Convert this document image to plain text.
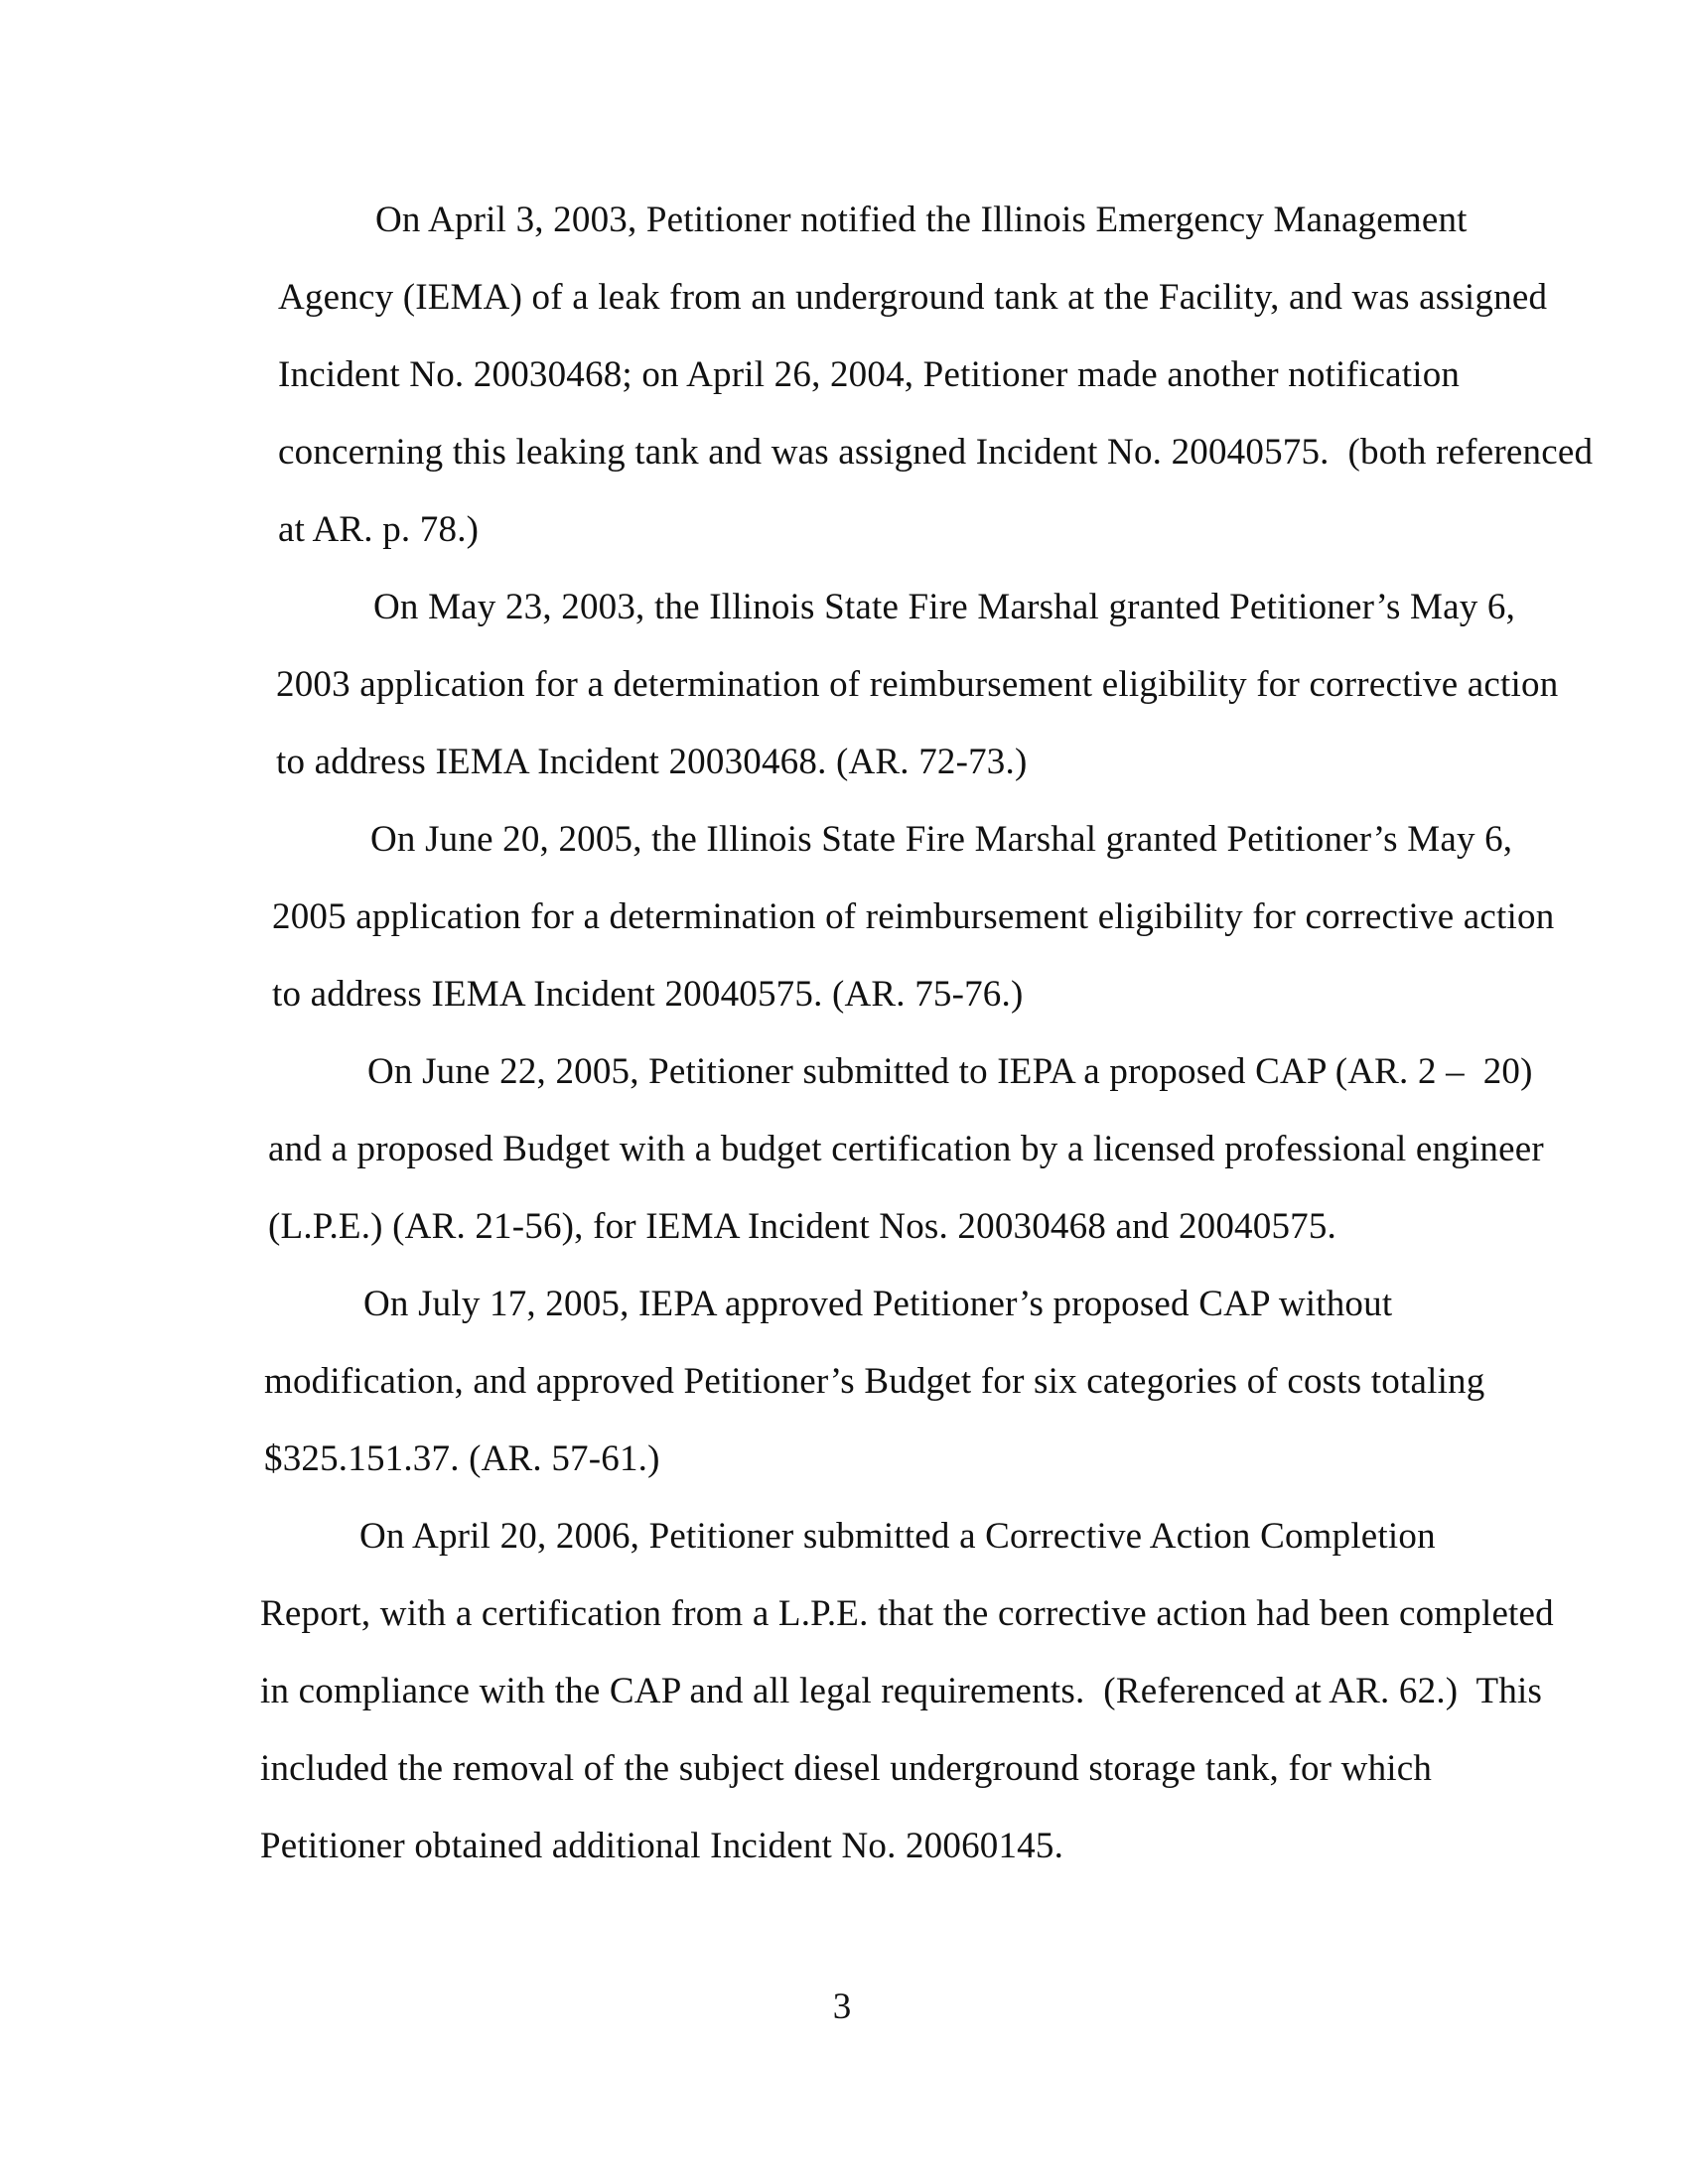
On April 3, 2003, Petitioner notified the Illinois Emergency Management
Agency (IEMA) of a leak from an underground tank at the Facility, and was assigned
Incident No. 20030468; on April 26, 2004, Petitioner made another notification
concerning this leaking tank and was assigned Incident No. 20040575.  (both referenced
at AR. p. 78.)
On May 23, 2003, the Illinois State Fire Marshal granted Petitioner’s May 6,
2003 application for a determination of reimbursement eligibility for corrective action
to address IEMA Incident 20030468. (AR. 72-73.)
On June 20, 2005, the Illinois State Fire Marshal granted Petitioner’s May 6,
2005 application for a determination of reimbursement eligibility for corrective action
to address IEMA Incident 20040575. (AR. 75-76.)
On June 22, 2005, Petitioner submitted to IEPA a proposed CAP (AR. 2 –  20)
and a proposed Budget with a budget certification by a licensed professional engineer
(L.P.E.) (AR. 21-56), for IEMA Incident Nos. 20030468 and 20040575.
On July 17, 2005, IEPA approved Petitioner’s proposed CAP without
modification, and approved Petitioner’s Budget for six categories of costs totaling
$325.151.37. (AR. 57-61.)
On April 20, 2006, Petitioner submitted a Corrective Action Completion
Report, with a certification from a L.P.E. that the corrective action had been completed
in compliance with the CAP and all legal requirements.  (Referenced at AR. 62.)  This
included the removal of the subject diesel underground storage tank, for which
Petitioner obtained additional Incident No. 20060145.
3
